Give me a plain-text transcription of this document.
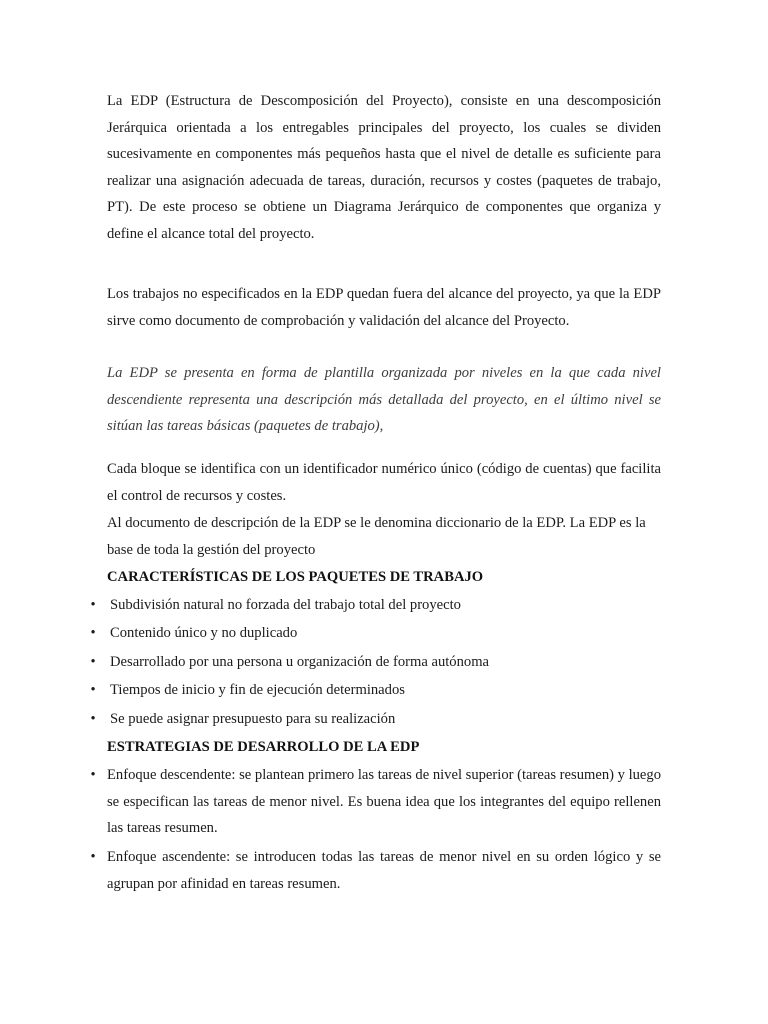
La EDP (Estructura de Descomposición del Proyecto), consiste en una descomposición Jerárquica orientada a los entregables principales del proyecto, los cuales se dividen sucesivamente en componentes más pequeños hasta que el nivel de detalle es suficiente para realizar una asignación adecuada de tareas, duración, recursos y costes (paquetes de trabajo, PT). De este proceso se obtiene un Diagrama Jerárquico de componentes que organiza y define el alcance total del proyecto.

Los trabajos no especificados en la EDP quedan fuera del alcance del proyecto, ya que la EDP sirve como documento de comprobación y validación del alcance del Proyecto.

La EDP se presenta en forma de plantilla organizada por niveles en la que cada nivel descendiente representa una descripción más detallada del proyecto, en el último nivel se sitúan las tareas básicas (paquetes de trabajo),

Cada bloque se identifica con un identificador numérico único (código de cuentas) que facilita el control de recursos y costes.

Al documento de descripción de la EDP se le denomina diccionario de la EDP. La EDP es la base de toda la gestión del proyecto

CARACTERÍSTICAS DE LOS PAQUETES DE TRABAJO
• Subdivisión natural no forzada del trabajo total del proyecto
• Contenido único y no duplicado
• Desarrollado por una persona u organización de forma autónoma
• Tiempos de inicio y fin de ejecución determinados
• Se puede asignar presupuesto para su realización
ESTRATEGIAS DE DESARROLLO DE LA EDP
• Enfoque descendente: se plantean primero las tareas de nivel superior (tareas resumen) y luego se especifican las tareas de menor nivel. Es buena idea que los integrantes del equipo rellenen las tareas resumen.
• Enfoque ascendente: se introducen todas las tareas de menor nivel en su orden lógico y se agrupan por afinidad en tareas resumen.
